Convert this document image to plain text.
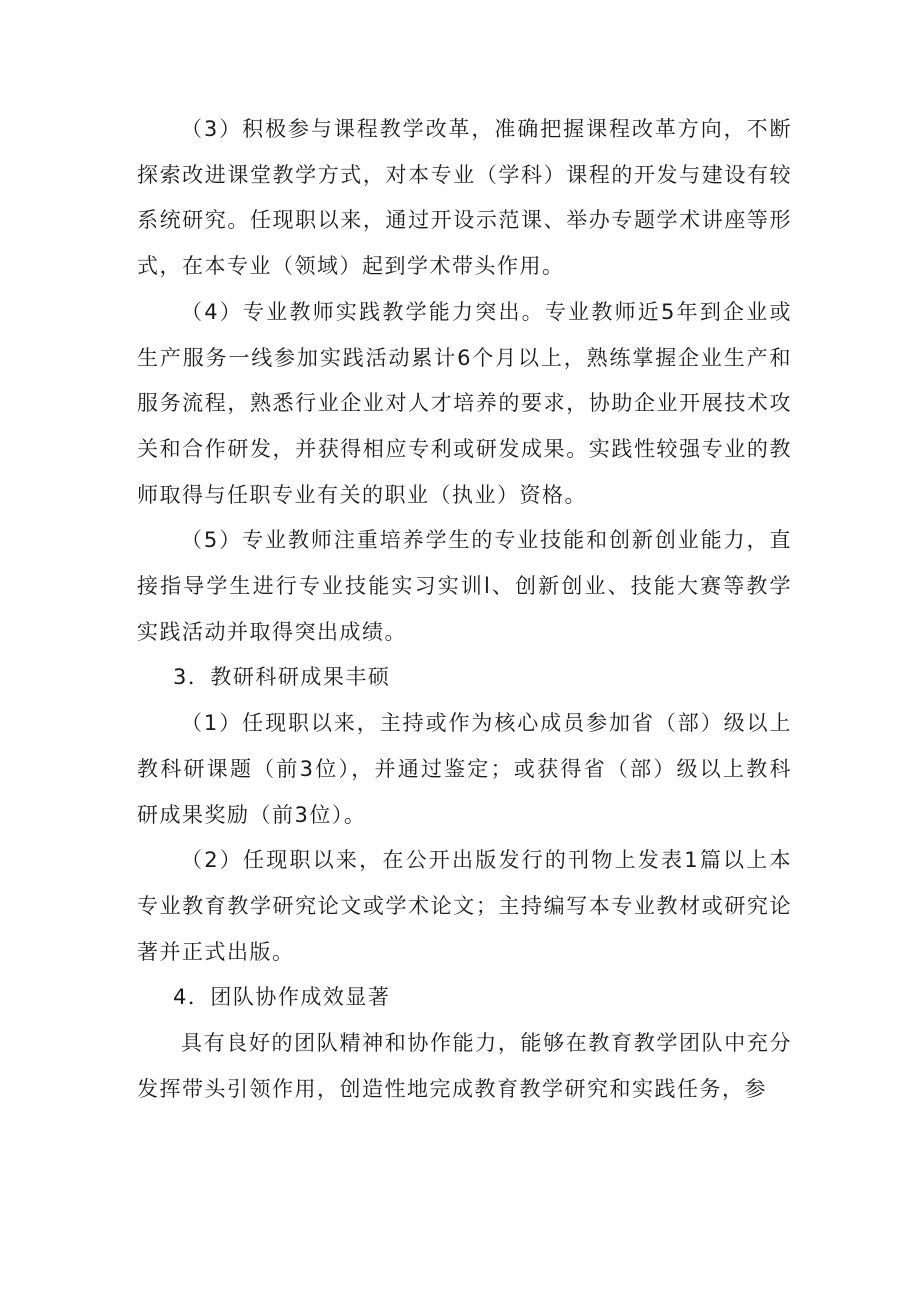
（3）积极参与课程教学改革，准确把握课程改革方向，不断探索改进课堂教学方式，对本专业（学科）课程的开发与建设有较系统研究。任现职以来，通过开设示范课、举办专题学术讲座等形式，在本专业（领域）起到学术带头作用。

（4）专业教师实践教学能力突出。专业教师近5年到企业或生产服务一线参加实践活动累计6个月以上，熟练掌握企业生产和服务流程，熟悉行业企业对人才培养的要求，协助企业开展技术攻关和合作研发，并获得相应专利或研发成果。实践性较强专业的教师取得与任职专业有关的职业（执业）资格。

（5）专业教师注重培养学生的专业技能和创新创业能力，直接指导学生进行专业技能实习实训l、创新创业、技能大赛等教学实践活动并取得突出成绩。

3．教研科研成果丰硕

（1）任现职以来，主持或作为核心成员参加省（部）级以上教科研课题（前3位），并通过鉴定；或获得省（部）级以上教科研成果奖励（前3位）。

（2）任现职以来，在公开出版发行的刊物上发表1篇以上本专业教育教学研究论文或学术论文；主持编写本专业教材或研究论著并正式出版。

4．团队协作成效显著

具有良好的团队精神和协作能力，能够在教育教学团队中充分发挥带头引领作用，创造性地完成教育教学研究和实践任务，参
